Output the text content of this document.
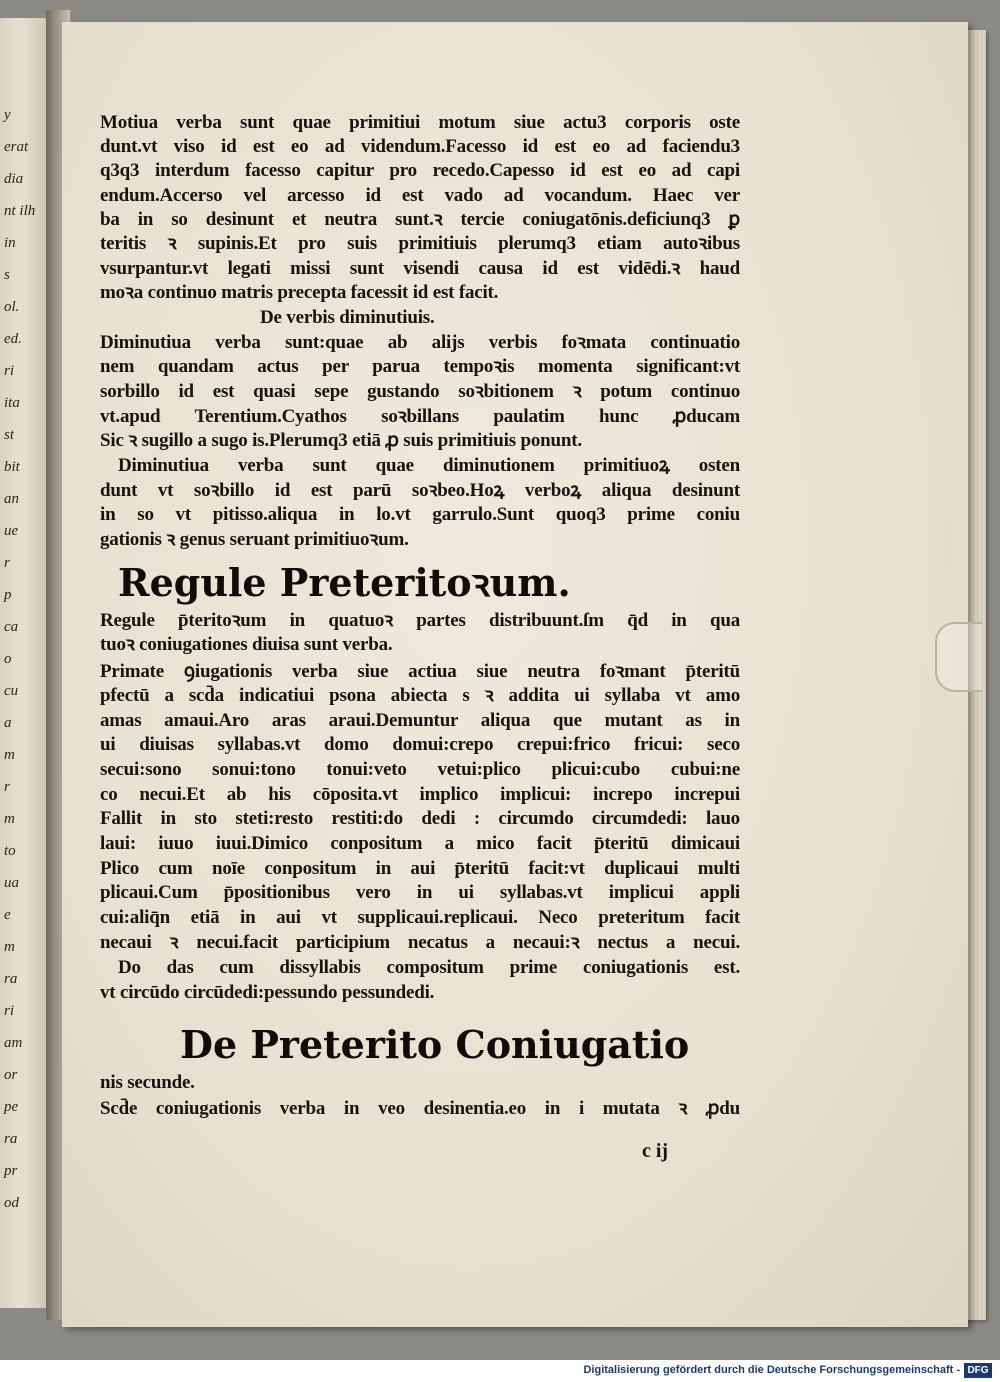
y
erat
dia
nt ilh
in
s
ol.
ed.
ri
ita
st
bit
an
ue
r
p
ca
o
cu
a
m
r
m
to
ua
e
m
ra
ri
am
or
pe
ra
pr
od
Motiua verba sunt quae primitiui motum siue actu3 corporis oste
dunt.vt viso id est eo ad videndum.Facesso id est eo ad faciendu3
q3q3 interdum facesso capitur pro recedo.Capesso id est eo ad capi
endum.Accerso vel arcesso id est vado ad vocandum. Haec ver
ba in so desinunt et neutra sunt.ꝛ tercie coniugatōnis.deficiunq3 ꝑ
teritis ꝛ supinis.Et pro suis primitiuis plerumq3 etiam autoꝛibus
vsurpantur.vt legati missi sunt visendi causa id est vidēdi.ꝛ haud
moꝛa continuo matris precepta facessit id est facit.
De verbis diminutiuis.
Diminutiua verba sunt:quae ab alijs verbis foꝛmata continuatio
nem quandam actus per parua tempoꝛis momenta significant:vt
sorbillo id est quasi sepe gustando soꝛbitionem ꝛ potum continuo
vt.apud Terentium.Cyathos soꝛbillans paulatim hunc ꝓducam
Sic ꝛ sugillo a sugo is.Plerumq3 etiā ꝓ suis primitiuis ponunt.
Diminutiua verba sunt quae diminutionem primitiuoꝝ osten
dunt vt soꝛbillo id est parū soꝛbeo.Hoꝝ verboꝝ aliqua desinunt
in so vt pitisso.aliqua in lo.vt garrulo.Sunt quoq3 prime coniu
gationis ꝛ genus seruant primitiuoꝛum.
Regule Preteritoꝛum.
Regule p̄teritoꝛum in quatuoꝛ partes distribuunt.ſm q̄d in qua
tuoꝛ coniugationes diuisa sunt verba.
Primate ꝯiugationis verba siue actiua siue neutra foꝛmant p̄teritū
pfectū a scd̄a indicatiui psona abiecta s ꝛ addita ui syllaba vt amo
amas amaui.Aro aras araui.Demuntur aliqua que mutant as in
ui diuisas syllabas.vt domo domui:crepo crepui:frico fricui: seco
secui:sono sonui:tono tonui:veto vetui:plico plicui:cubo cubui:ne
co necui.Et ab his cōposita.vt implico implicui: increpo increpui
Fallit in sto steti:resto restiti:do dedi : circumdo circumdedi: lauo
laui: iuuo iuui.Dimico conpositum a mico facit p̄teritū dimicaui
Plico cum noīe conpositum in aui p̄teritū facit:vt duplicaui multi
plicaui.Cum p̄positionibus vero in ui syllabas.vt implicui appli
cui:aliq̄n etiā in aui vt supplicaui.replicaui. Neco preteritum facit
necaui ꝛ necui.facit participium necatus a necaui:ꝛ nectus a necui.
Do das cum dissyllabis compositum prime coniugationis est.
vt circūdo circūdedi:pessundo pessundedi.
De Preterito Coniugatio
nis secunde.
Scd̄e coniugationis verba in veo desinentia.eo in i mutata ꝛ ꝓdu
c ij
Digitalisierung gefördert durch die Deutsche Forschungsgemeinschaft - DFG
